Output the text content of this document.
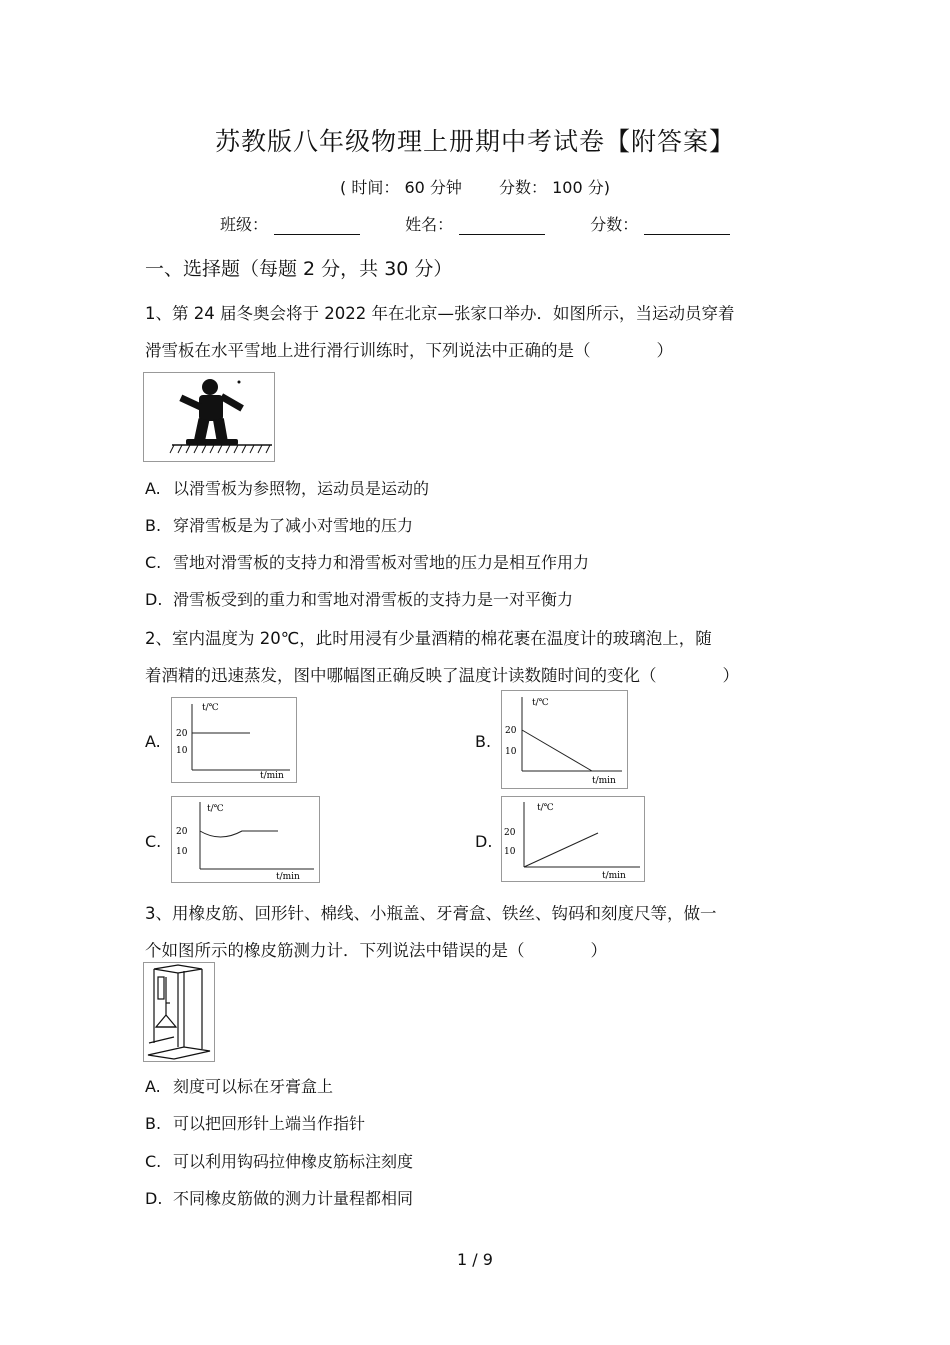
苏教版八年级物理上册期中考试卷【附答案】
( 时间： 60 分钟 分数： 100 分)
班级：	姓名：	分数：
一、选择题（每题 2 分，共 30 分）
1、第 24 届冬奥会将于 2022 年在北京—张家口举办．如图所示，当运动员穿着
滑雪板在水平雪地上进行滑行训练时，下列说法中正确的是（　　　　）
A. 以滑雪板为参照物，运动员是运动的
B. 穿滑雪板是为了减小对雪地的压力
C. 雪地对滑雪板的支持力和滑雪板对雪地的压力是相互作用力
D. 滑雪板受到的重力和雪地对滑雪板的支持力是一对平衡力
2、室内温度为 20℃，此时用浸有少量酒精的棉花裹在温度计的玻璃泡上，随
着酒精的迅速蒸发，图中哪幅图正确反映了温度计读数随时间的变化（　　　　）
A.	B.
C.	D.
t/℃
t/min
20
10
t/℃
t/min
20
10
t/℃
t/min
20
10
t/℃
t/min
20
10
3、用橡皮筋、回形针、棉线、小瓶盖、牙膏盒、铁丝、钩码和刻度尺等，做一
个如图所示的橡皮筋测力计．下列说法中错误的是（　　　　）
A. 刻度可以标在牙膏盒上
B. 可以把回形针上端当作指针
C. 可以利用钩码拉伸橡皮筋标注刻度
D. 不同橡皮筋做的测力计量程都相同
1 / 9
